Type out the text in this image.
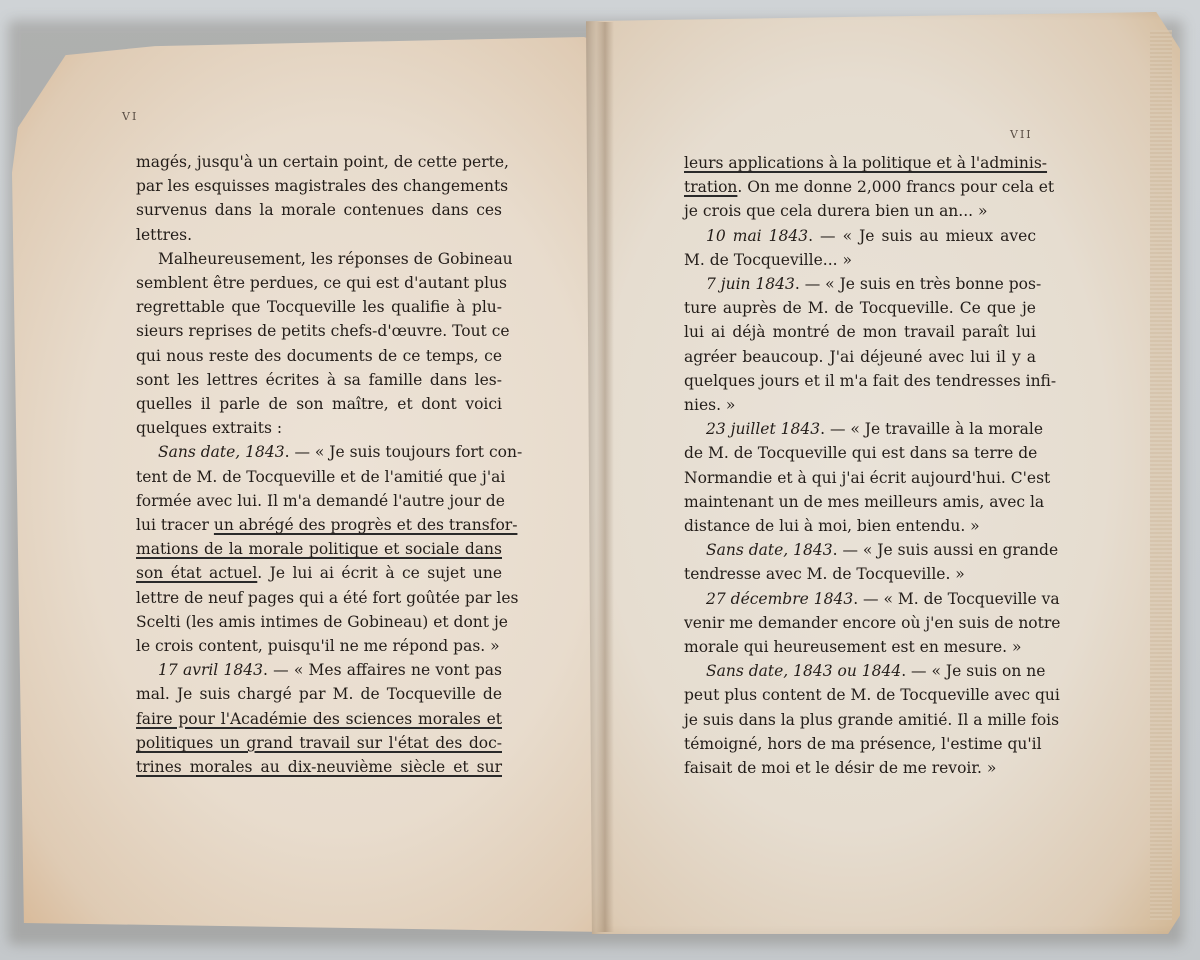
VI
VII
magés, jusqu'à un certain point, de cette perte,
par les esquisses magistrales des changements
survenus dans la morale contenues dans ces
lettres.
Malheureusement, les réponses de Gobineau
semblent être perdues, ce qui est d'autant plus
regrettable que Tocqueville les qualifie à plu-
sieurs reprises de petits chefs-d'œuvre. Tout ce
qui nous reste des documents de ce temps, ce
sont les lettres écrites à sa famille dans les-
quelles il parle de son maître, et dont voici
quelques extraits :
Sans date, 1843. — « Je suis toujours fort con-
tent de M. de Tocqueville et de l'amitié que j'ai
formée avec lui. Il m'a demandé l'autre jour de
lui tracer un abrégé des progrès et des transfor-
mations de la morale politique et sociale dans
son état actuel. Je lui ai écrit à ce sujet une
lettre de neuf pages qui a été fort goûtée par les
Scelti (les amis intimes de Gobineau) et dont je
le crois content, puisqu'il ne me répond pas. »
17 avril 1843. — « Mes affaires ne vont pas
mal. Je suis chargé par M. de Tocqueville de
faire pour l'Académie des sciences morales et
politiques un grand travail sur l'état des doc-
trines morales au dix-neuvième siècle et sur
leurs applications à la politique et à l'adminis-
tration. On me donne 2,000 francs pour cela et
je crois que cela durera bien un an... »
10 mai 1843. — « Je suis au mieux avec
M. de Tocqueville... »
7 juin 1843. — « Je suis en très bonne pos-
ture auprès de M. de Tocqueville. Ce que je
lui ai déjà montré de mon travail paraît lui
agréer beaucoup. J'ai déjeuné avec lui il y a
quelques jours et il m'a fait des tendresses infi-
nies. »
23 juillet 1843. — « Je travaille à la morale
de M. de Tocqueville qui est dans sa terre de
Normandie et à qui j'ai écrit aujourd'hui. C'est
maintenant un de mes meilleurs amis, avec la
distance de lui à moi, bien entendu. »
Sans date, 1843. — « Je suis aussi en grande
tendresse avec M. de Tocqueville. »
27 décembre 1843. — « M. de Tocqueville va
venir me demander encore où j'en suis de notre
morale qui heureusement est en mesure. »
Sans date, 1843 ou 1844. — « Je suis on ne
peut plus content de M. de Tocqueville avec qui
je suis dans la plus grande amitié. Il a mille fois
témoigné, hors de ma présence, l'estime qu'il
faisait de moi et le désir de me revoir. »
